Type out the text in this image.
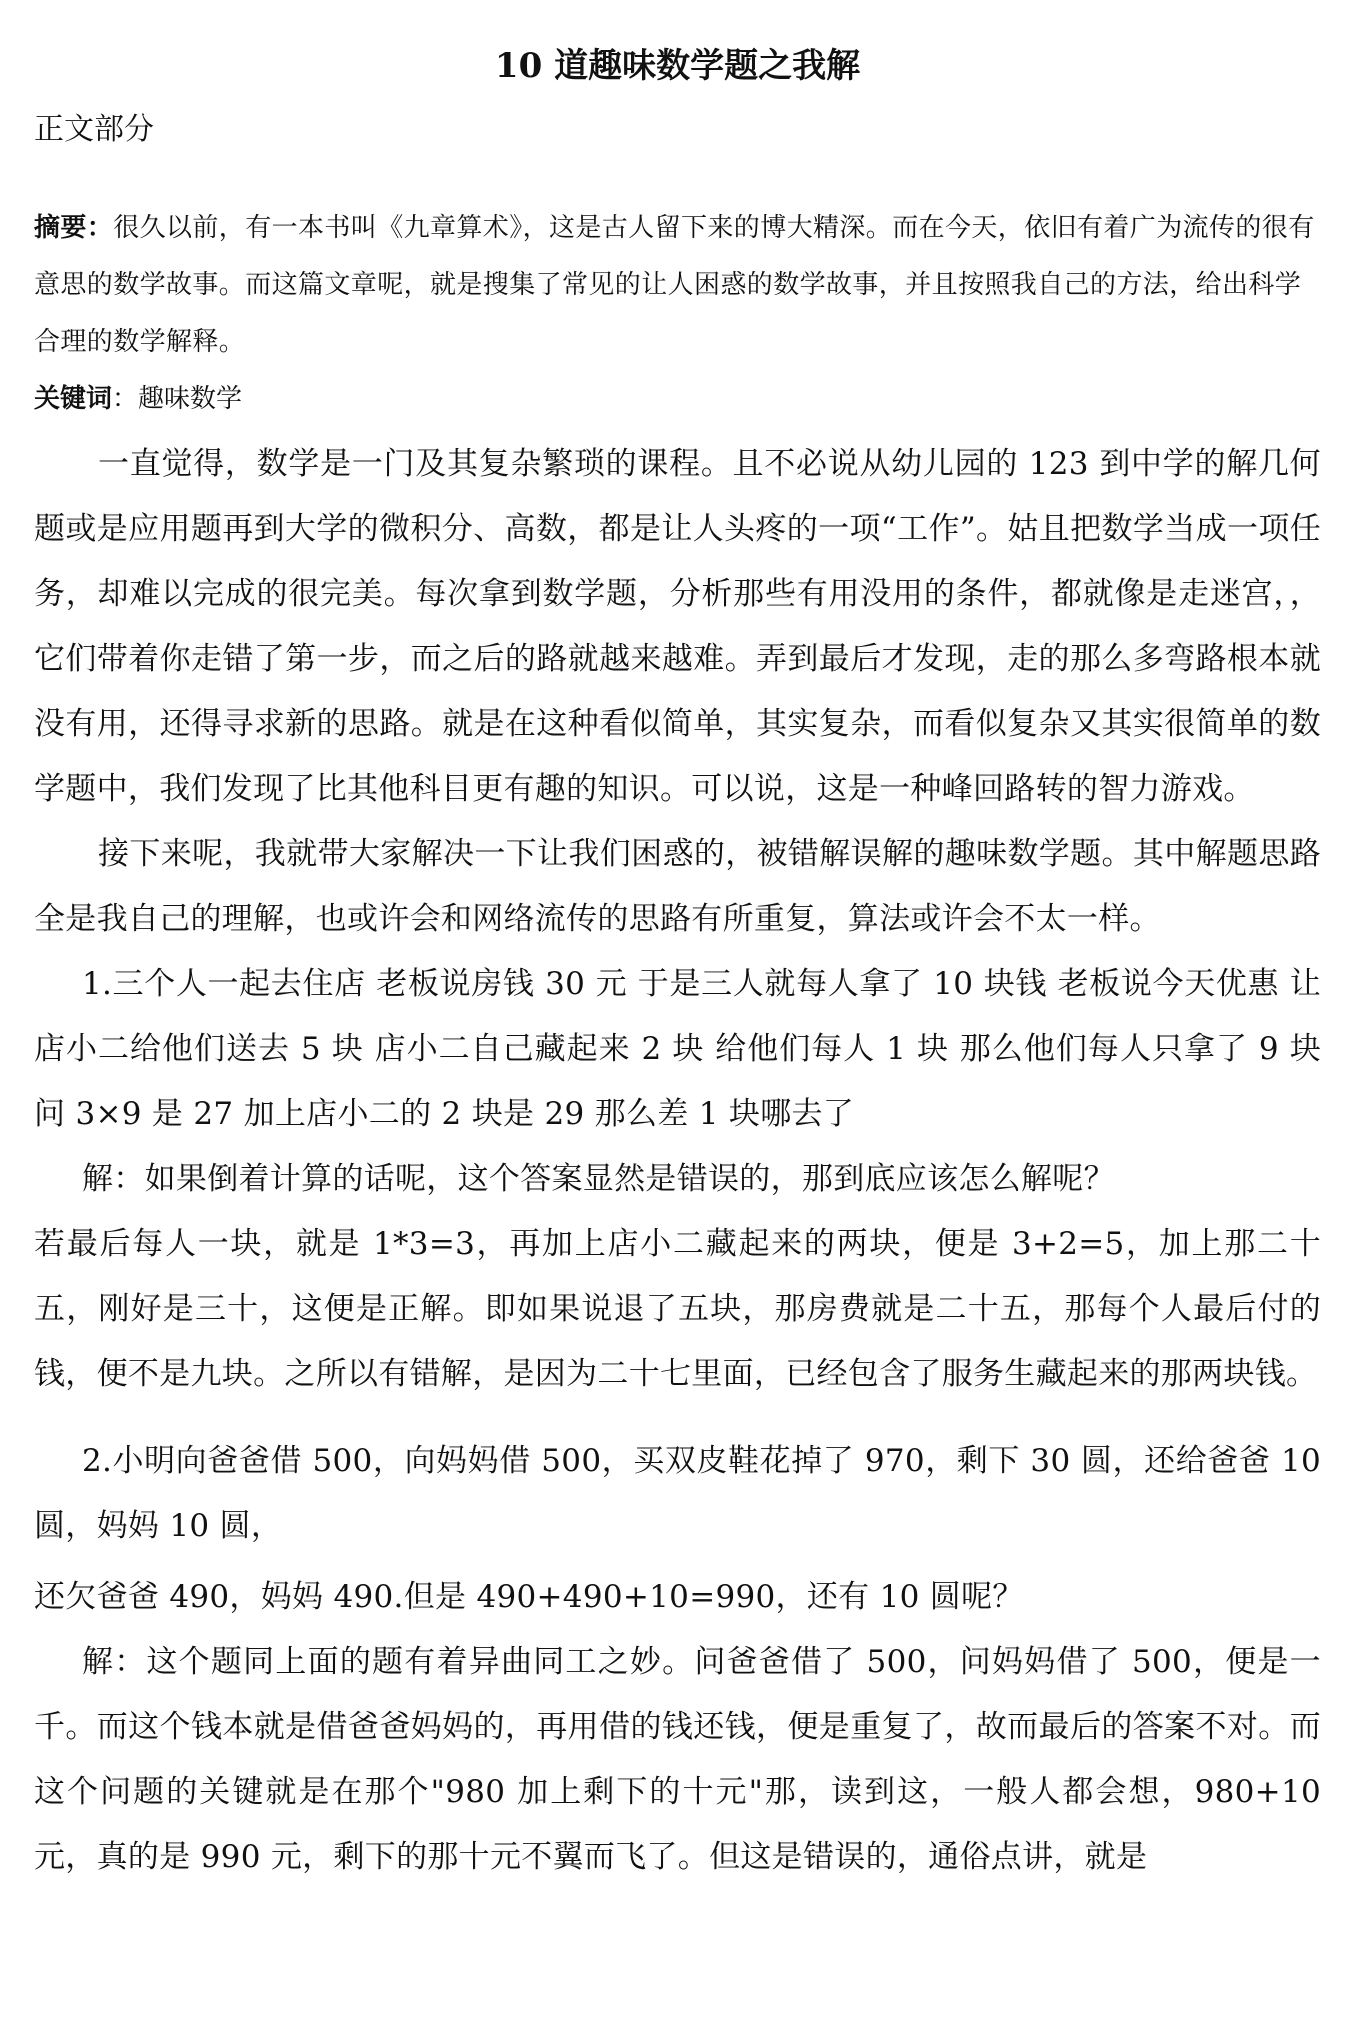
10 道趣味数学题之我解
正文部分
摘要：很久以前，有一本书叫《九章算术》，这是古人留下来的博大精深。而在今天，依旧有着广为流传的很有意思的数学故事。而这篇文章呢，就是搜集了常见的让人困惑的数学故事，并且按照我自己的方法，给出科学合理的数学解释。
关键词：趣味数学

一直觉得，数学是一门及其复杂繁琐的课程。且不必说从幼儿园的 123 到中学的解几何题或是应用题再到大学的微积分、高数，都是让人头疼的一项“工作”。姑且把数学当成一项任务，却难以完成的很完美。每次拿到数学题，分析那些有用没用的条件，都就像是走迷宫，，它们带着你走错了第一步，而之后的路就越来越难。弄到最后才发现，走的那么多弯路根本就没有用，还得寻求新的思路。就是在这种看似简单，其实复杂，而看似复杂又其实很简单的数学题中，我们发现了比其他科目更有趣的知识。可以说，这是一种峰回路转的智力游戏。

接下来呢，我就带大家解决一下让我们困惑的，被错解误解的趣味数学题。其中解题思路全是我自己的理解，也或许会和网络流传的思路有所重复，算法或许会不太一样。

1.三个人一起去住店 老板说房钱 30 元 于是三人就每人拿了 10 块钱 老板说今天优惠 让店小二给他们送去 5 块 店小二自己藏起来 2 块 给他们每人 1 块 那么他们每人只拿了 9 块 问 3×9 是 27 加上店小二的 2 块是 29 那么差 1 块哪去了

解：如果倒着计算的话呢，这个答案显然是错误的，那到底应该怎么解呢？

若最后每人一块，就是 1*3=3，再加上店小二藏起来的两块，便是 3+2=5，加上那二十五，刚好是三十，这便是正解。即如果说退了五块，那房费就是二十五，那每个人最后付的钱，便不是九块。之所以有错解，是因为二十七里面，已经包含了服务生藏起来的那两块钱。

2.小明向爸爸借 500，向妈妈借 500，买双皮鞋花掉了 970，剩下 30 圆，还给爸爸 10 圆，妈妈 10 圆，

还欠爸爸 490，妈妈 490.但是 490+490+10=990，还有 10 圆呢？

解：这个题同上面的题有着异曲同工之妙。问爸爸借了 500，问妈妈借了 500，便是一千。而这个钱本就是借爸爸妈妈的，再用借的钱还钱，便是重复了，故而最后的答案不对。而这个问题的关键就是在那个"980 加上剩下的十元"那，读到这，一般人都会想，980+10 元，真的是 990 元，剩下的那十元不翼而飞了。但这是错误的，通俗点讲，就是
